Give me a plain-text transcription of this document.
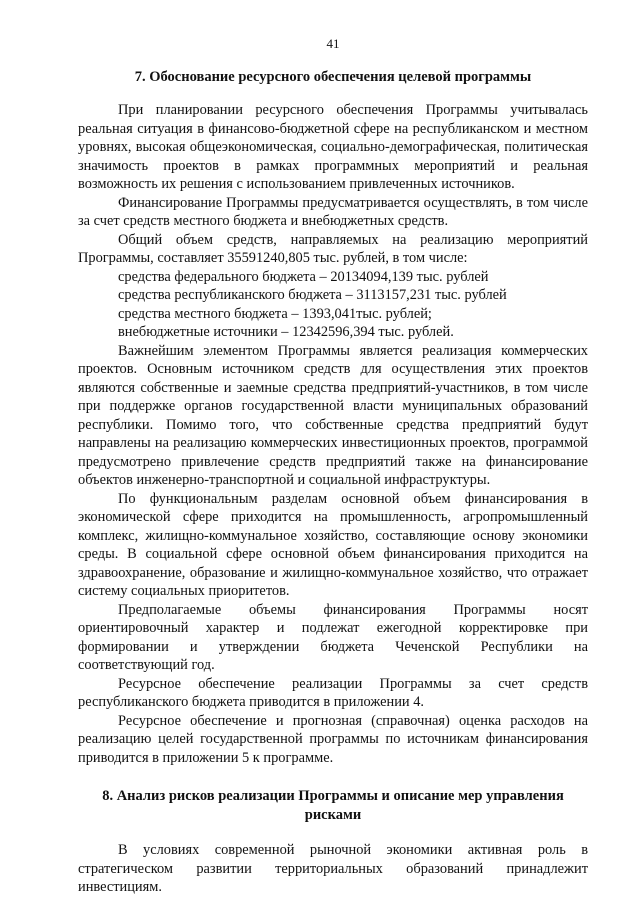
41
7. Обоснование ресурсного обеспечения целевой программы

При планировании ресурсного обеспечения Программы учитывалась реальная ситуация в финансово-бюджетной сфере на республиканском и местном уровнях, высокая общеэкономическая, социально-демографическая, политическая значимость проектов в рамках программных мероприятий и реальная возможность их решения с использованием привлеченных источников.

Финансирование Программы предусматривается осуществлять, в том числе за счет средств местного бюджета и внебюджетных средств.

Общий объем средств, направляемых на реализацию мероприятий Программы, составляет 35591240,805 тыс. рублей, в том числе:

средства федерального бюджета – 20134094,139 тыс. рублей

средства республиканского бюджета – 3113157,231 тыс. рублей

средства местного бюджета – 1393,041тыс. рублей;

внебюджетные источники – 12342596,394 тыс. рублей.

Важнейшим элементом Программы является реализация коммерческих проектов. Основным источником средств для осуществления этих проектов являются собственные и заемные средства предприятий-участников, в том числе при поддержке органов государственной власти муниципальных образований республики. Помимо того, что собственные средства предприятий будут направлены на реализацию коммерческих инвестиционных проектов, программой предусмотрено привлечение средств предприятий также на финансирование объектов инженерно-транспортной и социальной инфраструктуры.

По функциональным разделам основной объем финансирования в экономической сфере приходится на промышленность, агропромышленный комплекс, жилищно-коммунальное хозяйство, составляющие основу экономики среды. В социальной сфере основной объем финансирования приходится на здравоохранение, образование и жилищно-коммунальное хозяйство, что отражает систему социальных приоритетов.

Предполагаемые объемы финансирования Программы носят ориентировочный характер и подлежат ежегодной корректировке при формировании и утверждении бюджета Чеченской Республики на соответствующий год.

Ресурсное обеспечение реализации Программы за счет средств республиканского бюджета приводится в приложении 4.

Ресурсное обеспечение и прогнозная (справочная) оценка расходов на реализацию целей государственной программы по источникам финансирования приводится в приложении 5 к программе.

8. Анализ рисков реализации Программы и описание мер управления рисками

В условиях современной рыночной экономики активная роль в стратегическом развитии территориальных образований принадлежит инвестициям.
